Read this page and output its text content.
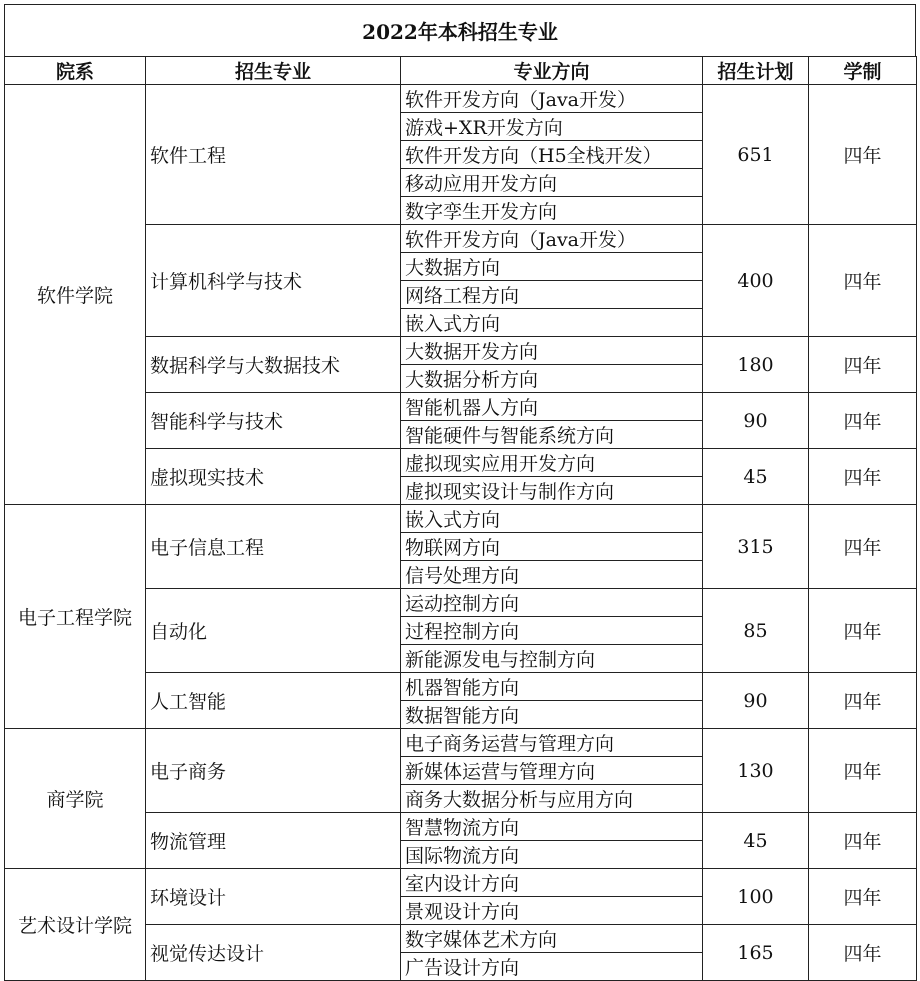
2022年本科招生专业
院系	招生专业	专业方向	招生计划	学制
软件学院	软件工程	软件开发方向（Java开发）	651	四年
		游戏+XR开发方向		
		软件开发方向（H5全栈开发）		
		移动应用开发方向		
		数字孪生开发方向		
	计算机科学与技术	软件开发方向（Java开发）	400	四年
		大数据方向		
		网络工程方向		
		嵌入式方向		
	数据科学与大数据技术	大数据开发方向	180	四年
		大数据分析方向		
	智能科学与技术	智能机器人方向	90	四年
		智能硬件与智能系统方向		
	虚拟现实技术	虚拟现实应用开发方向	45	四年
		虚拟现实设计与制作方向		
电子工程学院	电子信息工程	嵌入式方向	315	四年
		物联网方向		
		信号处理方向		
	自动化	运动控制方向	85	四年
		过程控制方向		
		新能源发电与控制方向		
	人工智能	机器智能方向	90	四年
		数据智能方向		
商学院	电子商务	电子商务运营与管理方向	130	四年
		新媒体运营与管理方向		
		商务大数据分析与应用方向		
	物流管理	智慧物流方向	45	四年
		国际物流方向		
艺术设计学院	环境设计	室内设计方向	100	四年
		景观设计方向		
	视觉传达设计	数字媒体艺术方向	165	四年
		广告设计方向		
